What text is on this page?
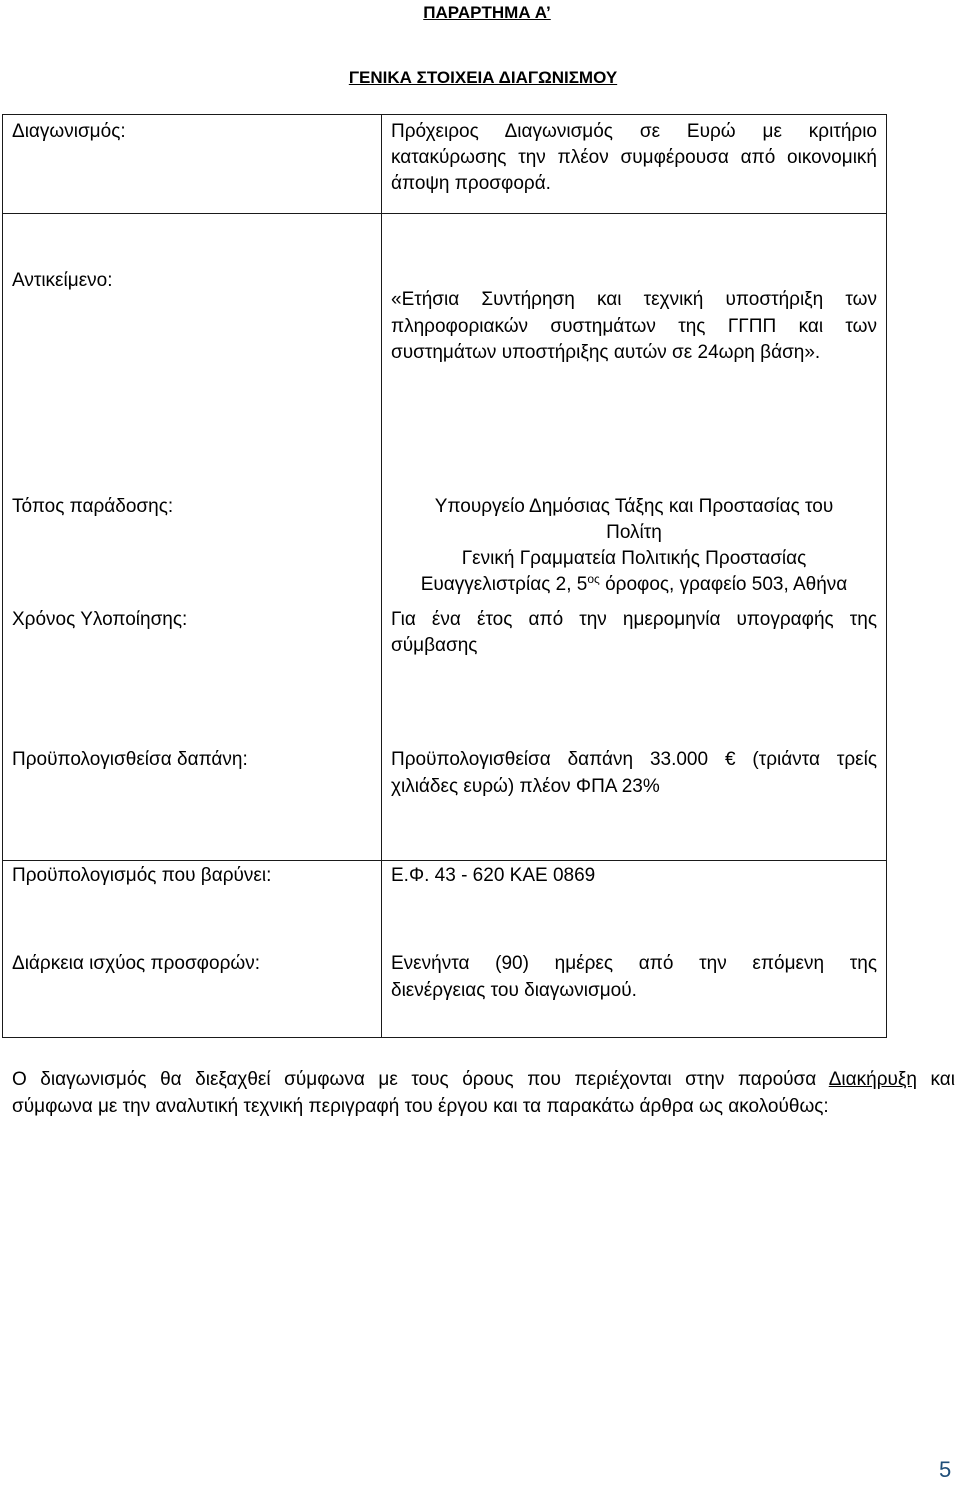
ΠΑΡΑΡΤΗΜΑ Α’
ΓΕΝΙΚΑ ΣΤΟΙΧΕΙΑ ΔΙΑΓΩΝΙΣΜΟΥ
Διαγωνισμός:	Πρόχειρος Διαγωνισμός σε Ευρώ με κριτήριο
κατακύρωσης την πλέον συμφέρουσα από οικονομική
άποψη προσφορά.
Αντικείμενο:
«Ετήσια Συντήρηση και τεχνική υποστήριξη των
πληροφοριακών συστημάτων της ΓΓΠΠ και των
συστημάτων υποστήριξης αυτών σε 24ωρη βάση».
Τόπος παράδοσης:	Υπουργείο Δημόσιας Τάξης και Προστασίας του
Πολίτη
Γενική Γραμματεία Πολιτικής Προστασίας
Ευαγγελιστρίας 2, $5^{o\varsigma}$ όροφος, γραφείο 503, Αθήνα
Χρόνος Υλοποίησης:	Για ένα έτος από την ημερομηνία υπογραφής της
σύμβασης
Προϋπολογισθείσα δαπάνη:	Προϋπολογισθείσα δαπάνη 33.000 € (τριάντα τρείς
χιλιάδες ευρώ) πλέον ΦΠΑ 23%
Προϋπολογισμός που βαρύνει:	Ε.Φ. 43 - 620 ΚΑΕ 0869
Διάρκεια ισχύος προσφορών:	Ενενήντα (90) ημέρες από την επόμενη της
διενέργειας του διαγωνισμού.
Ο διαγωνισμός θα διεξαχθεί σύμφωνα με τους όρους που περιέχονται στην παρούσα Διακήρυξη και
σύμφωνα με την αναλυτική τεχνική περιγραφή του έργου και τα παρακάτω άρθρα ως ακολούθως:
5
